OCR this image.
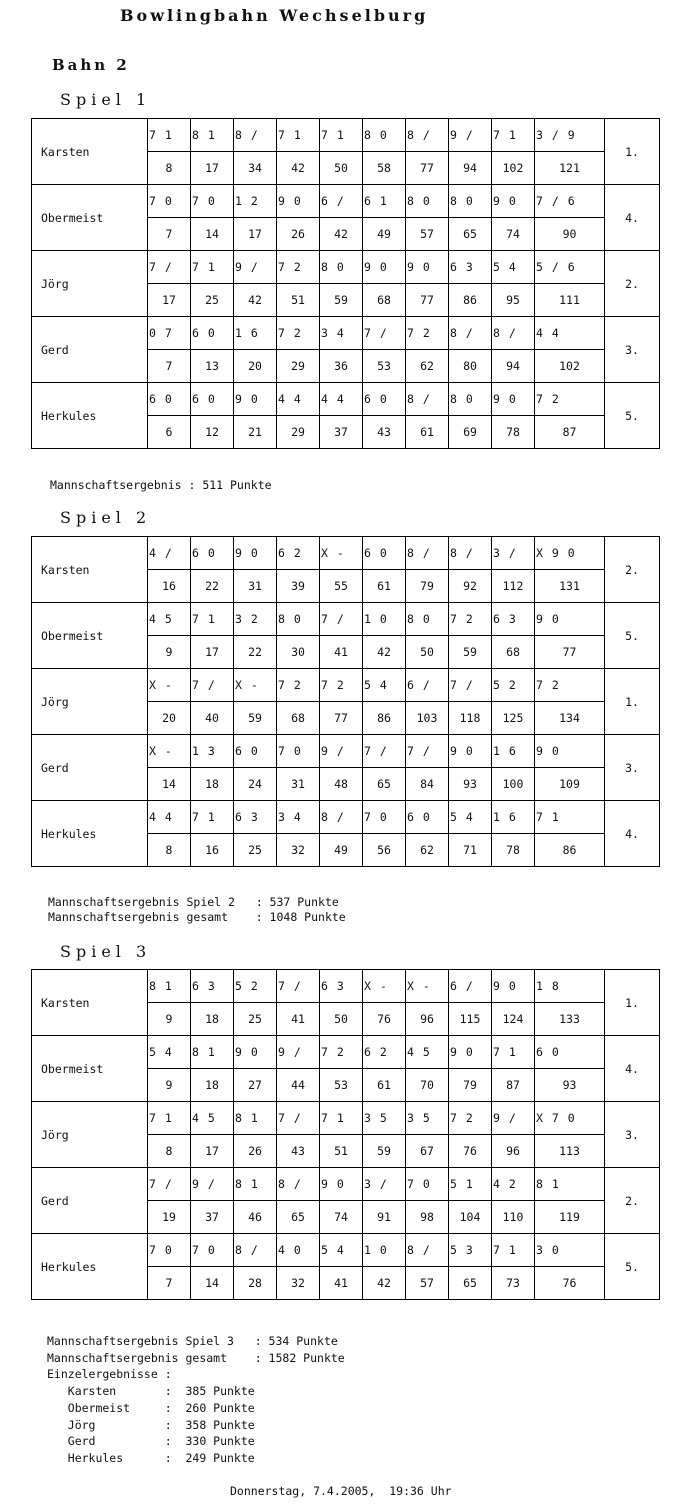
Bowlingbahn Wechselburg
Bahn 2
Spiel 1
Karsten	7 1	8 1	8 /	7 1	7 1	8 0	8 /	9 /	7 1	3 / 9	1.
	8	17	34	42	50	58	77	94	102	121	
Obermeist	7 0	7 0	1 2	9 0	6 /	6 1	8 0	8 0	9 0	7 / 6	4.
	7	14	17	26	42	49	57	65	74	90	
Jörg	7 /	7 1	9 /	7 2	8 0	9 0	9 0	6 3	5 4	5 / 6	2.
	17	25	42	51	59	68	77	86	95	111	
Gerd	0 7	6 0	1 6	7 2	3 4	7 /	7 2	8 /	8 /	4 4	3.
	7	13	20	29	36	53	62	80	94	102	
Herkules	6 0	6 0	9 0	4 4	4 4	6 0	8 /	8 0	9 0	7 2	5.
	6	12	21	29	37	43	61	69	78	87	
Mannschaftsergebnis : 511 Punkte
Spiel 2
Karsten	4 /	6 0	9 0	6 2	X -	6 0	8 /	8 /	3 /	X 9 0	2.
	16	22	31	39	55	61	79	92	112	131	
Obermeist	4 5	7 1	3 2	8 0	7 /	1 0	8 0	7 2	6 3	9 0	5.
	9	17	22	30	41	42	50	59	68	77	
Jörg	X -	7 /	X -	7 2	7 2	5 4	6 /	7 /	5 2	7 2	1.
	20	40	59	68	77	86	103	118	125	134	
Gerd	X -	1 3	6 0	7 0	9 /	7 /	7 /	9 0	1 6	9 0	3.
	14	18	24	31	48	65	84	93	100	109	
Herkules	4 4	7 1	6 3	3 4	8 /	7 0	6 0	5 4	1 6	7 1	4.
	8	16	25	32	49	56	62	71	78	86	
Mannschaftsergebnis Spiel 2   : 537 Punkte
Mannschaftsergebnis gesamt    : 1048 Punkte
Spiel 3
Karsten	8 1	6 3	5 2	7 /	6 3	X -	X -	6 /	9 0	1 8	1.
	9	18	25	41	50	76	96	115	124	133	
Obermeist	5 4	8 1	9 0	9 /	7 2	6 2	4 5	9 0	7 1	6 0	4.
	9	18	27	44	53	61	70	79	87	93	
Jörg	7 1	4 5	8 1	7 /	7 1	3 5	3 5	7 2	9 /	X 7 0	3.
	8	17	26	43	51	59	67	76	96	113	
Gerd	7 /	9 /	8 1	8 /	9 0	3 /	7 0	5 1	4 2	8 1	2.
	19	37	46	65	74	91	98	104	110	119	
Herkules	7 0	7 0	8 /	4 0	5 4	1 0	8 /	5 3	7 1	3 0	5.
	7	14	28	32	41	42	57	65	73	76	
Mannschaftsergebnis Spiel 3   : 534 Punkte
Mannschaftsergebnis gesamt    : 1582 Punkte
Einzelergebnisse :
Karsten       :  385 Punkte
Obermeist     :  260 Punkte
Jörg          :  358 Punkte
Gerd          :  330 Punkte
Herkules      :  249 Punkte
Donnerstag, 7.4.2005,  19:36 Uhr
